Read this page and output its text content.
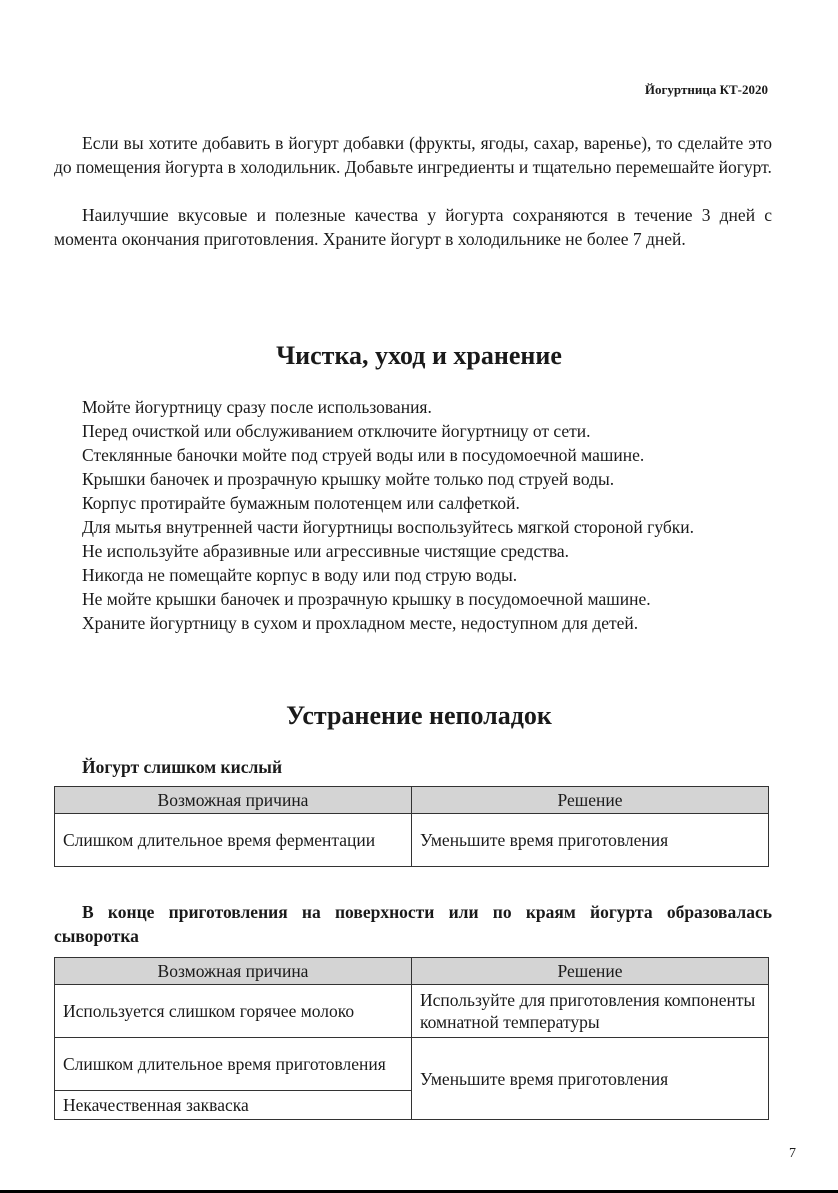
Йогуртница КТ-2020

Если вы хотите добавить в йогурт добавки (фрукты, ягоды, сахар, варенье), то сделайте это до помещения йогурта в холодильник. Добавьте ингредиенты и тщательно перемешайте йогурт.

Наилучшие вкусовые и полезные качества у йогурта сохраняются в течение 3 дней с момента окончания приготовления. Храните йогурт в холодильнике не более 7 дней.

Чистка, уход и хранение
Мойте йогуртницу сразу после использования.
Перед очисткой или обслуживанием отключите йогуртницу от сети.
Стеклянные баночки мойте под струей воды или в посудомоечной машине.
Крышки баночек и прозрачную крышку мойте только под струей воды.
Корпус протирайте бумажным полотенцем или салфеткой.
Для мытья внутренней части йогуртницы воспользуйтесь мягкой стороной губки.
Не используйте абразивные или агрессивные чистящие средства.
Никогда не помещайте корпус в воду или под струю воды.
Не мойте крышки баночек и прозрачную крышку в посудомоечной машине.
Храните йогуртницу в сухом и прохладном месте, недоступном для детей.
Устранение неполадок

Йогурт слишком кислый

Возможная причина	Решение
Слишком длительное время ферментации	Уменьшите время приготовления

В конце приготовления на поверхности или по краям йогурта образовалась сыворотка

Возможная причина	Решение
Используется слишком горячее молоко	Используйте для приготовления компоненты комнатной температуры
Слишком длительное время приготовления	Уменьшите время приготовления
Некачественная закваска	
7
